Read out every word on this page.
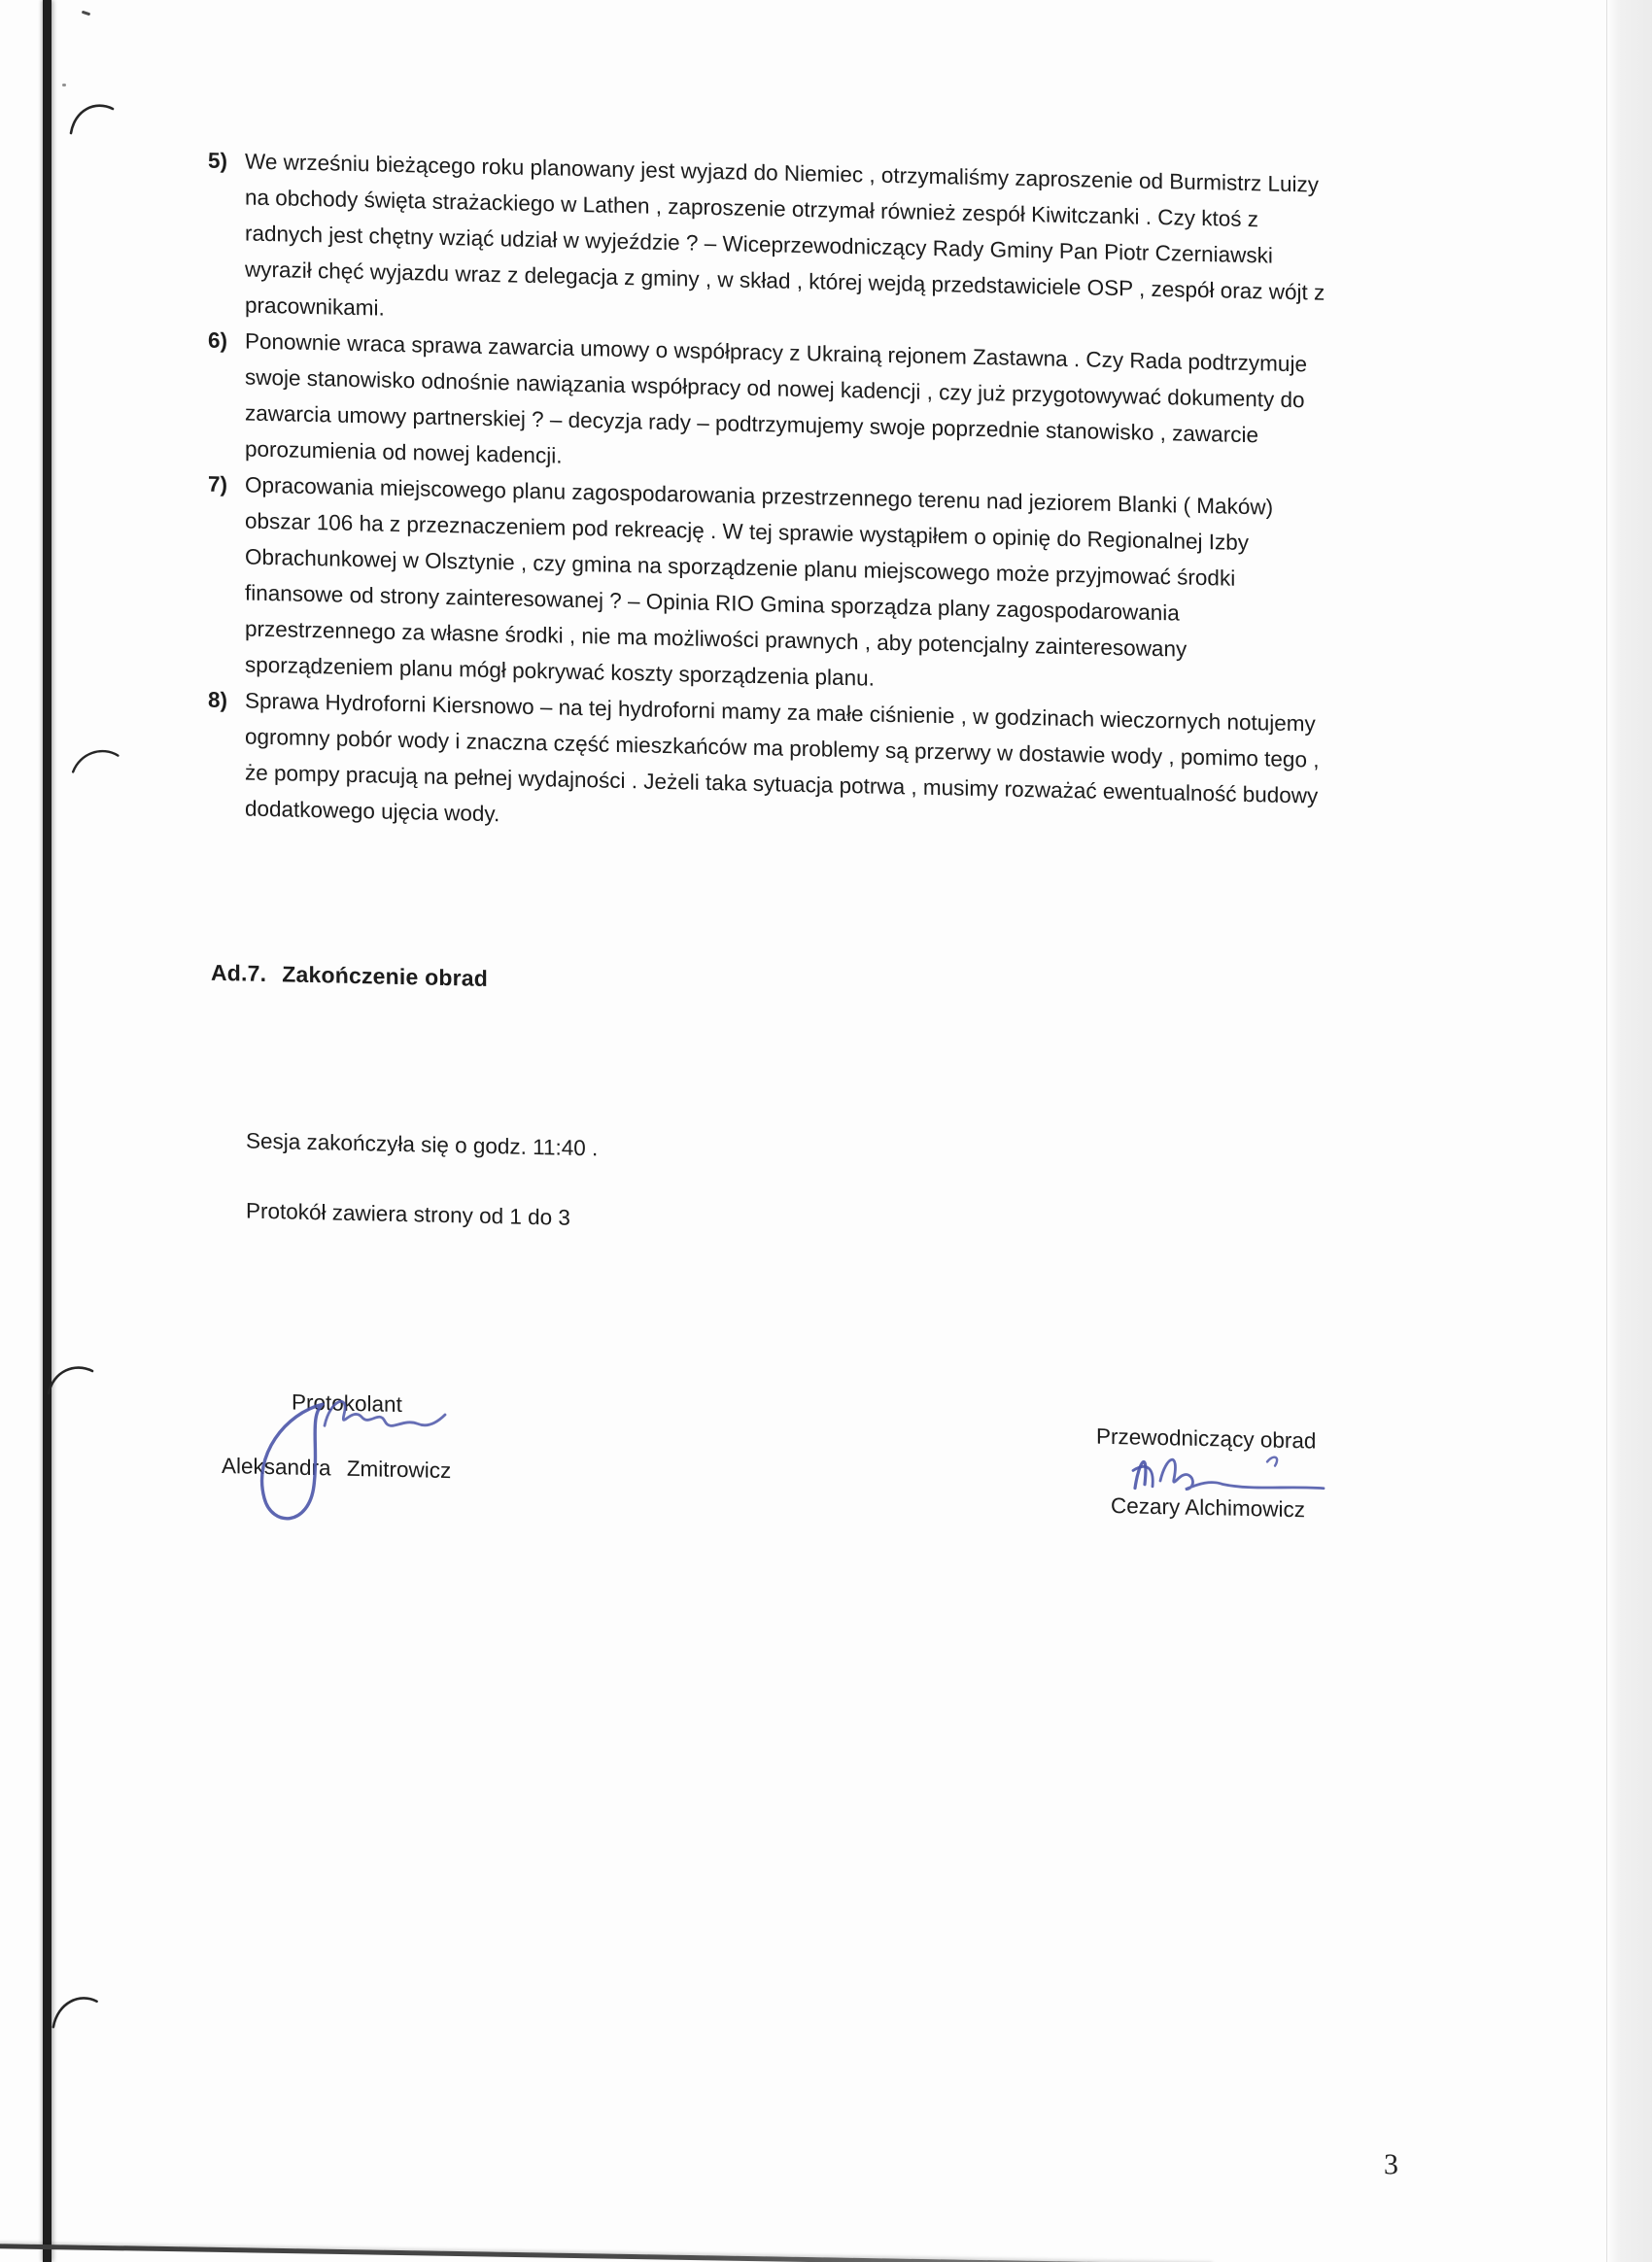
5) We wrześniu bieżącego roku planowany jest wyjazd do Niemiec , otrzymaliśmy zaproszenie od Burmistrz Luizy na obchody święta strażackiego w Lathen , zaproszenie otrzymał również zespół Kiwitczanki . Czy ktoś z radnych jest chętny wziąć udział w wyjeździe ? – Wiceprzewodniczący Rady Gminy Pan Piotr Czerniawski wyraził chęć wyjazdu wraz z delegacja z gminy , w skład , której wejdą przedstawiciele OSP , zespół oraz wójt z pracownikami.
6) Ponownie wraca sprawa zawarcia umowy o współpracy z Ukrainą rejonem Zastawna . Czy Rada podtrzymuje swoje stanowisko odnośnie nawiązania współpracy od nowej kadencji , czy już przygotowywać dokumenty do zawarcia umowy partnerskiej ? – decyzja rady – podtrzymujemy swoje poprzednie stanowisko , zawarcie porozumienia od nowej kadencji.
7) Opracowania miejscowego planu zagospodarowania przestrzennego terenu nad jeziorem Blanki ( Maków) obszar 106 ha z przeznaczeniem pod rekreację . W tej sprawie wystąpiłem o opinię do Regionalnej Izby Obrachunkowej w Olsztynie , czy gmina na sporządzenie planu miejscowego może przyjmować środki finansowe od strony zainteresowanej ? – Opinia RIO Gmina sporządza plany zagospodarowania przestrzennego za własne środki , nie ma możliwości prawnych , aby potencjalny zainteresowany sporządzeniem planu mógł pokrywać koszty sporządzenia planu.
8) Sprawa Hydroforni Kiersnowo – na tej hydroforni mamy za małe ciśnienie , w godzinach wieczornych notujemy ogromny pobór wody i znaczna część mieszkańców ma problemy są przerwy w dostawie wody , pomimo tego , że pompy pracują na pełnej wydajności . Jeżeli taka sytuacja potrwa , musimy rozważać ewentualność budowy dodatkowego ujęcia wody.
Ad.7. Zakończenie obrad
Sesja zakończyła się o godz. 11:40 .
Protokół zawiera strony od 1 do 3
Protokolant
Aleksandra Zmitrowicz
Przewodniczący obrad
Cezary Alchimowicz
3
